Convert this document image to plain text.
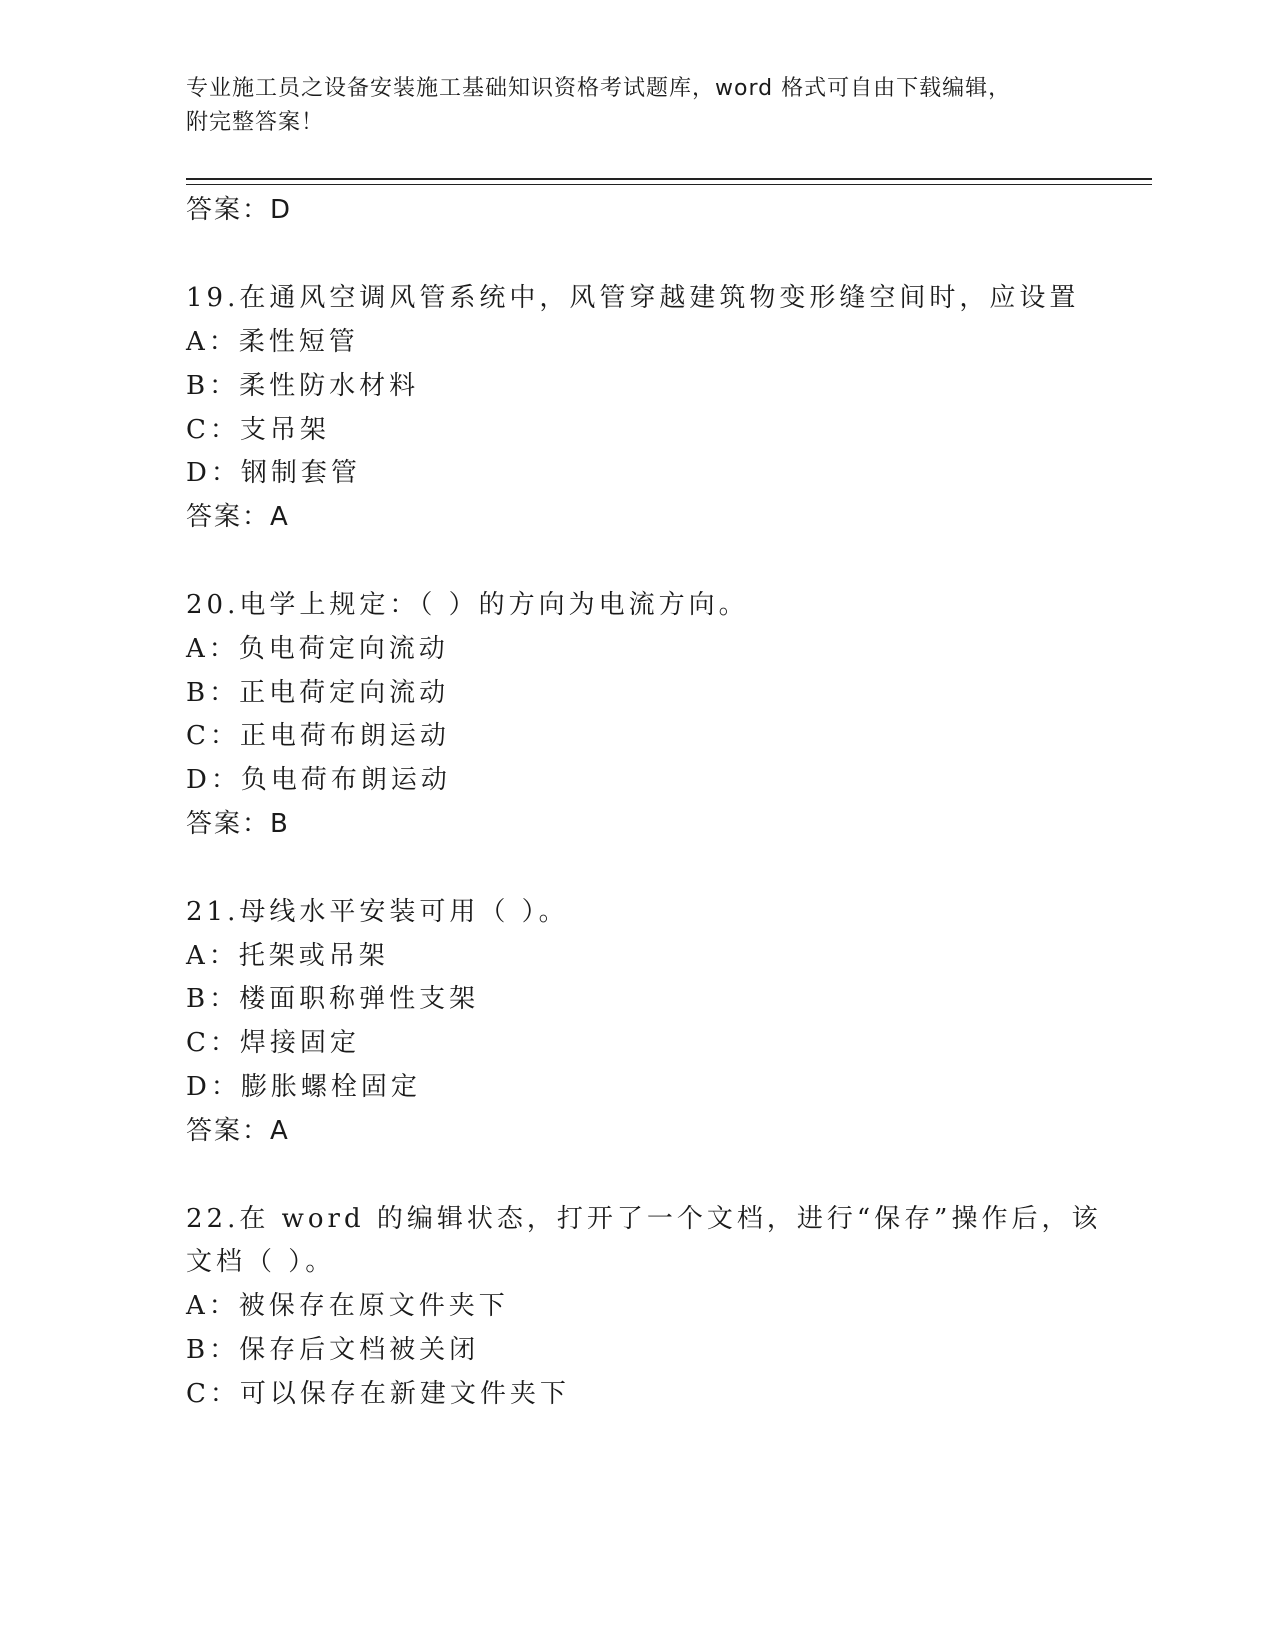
专业施工员之设备安装施工基础知识资格考试题库，word 格式可自由下载编辑，
附完整答案！
答案：D
19.在通风空调风管系统中，风管穿越建筑物变形缝空间时，应设置
A：柔性短管
B：柔性防水材料
C：支吊架
D：钢制套管
答案：A
20.电学上规定：（ ）的方向为电流方向。
A：负电荷定向流动
B：正电荷定向流动
C：正电荷布朗运动
D：负电荷布朗运动
答案：B
21.母线水平安装可用（ ）。
A：托架或吊架
B：楼面职称弹性支架
C：焊接固定
D：膨胀螺栓固定
答案：A
22.在 word 的编辑状态，打开了一个文档，进行“保存”操作后，该
文档（ ）。
A：被保存在原文件夹下
B：保存后文档被关闭
C：可以保存在新建文件夹下
